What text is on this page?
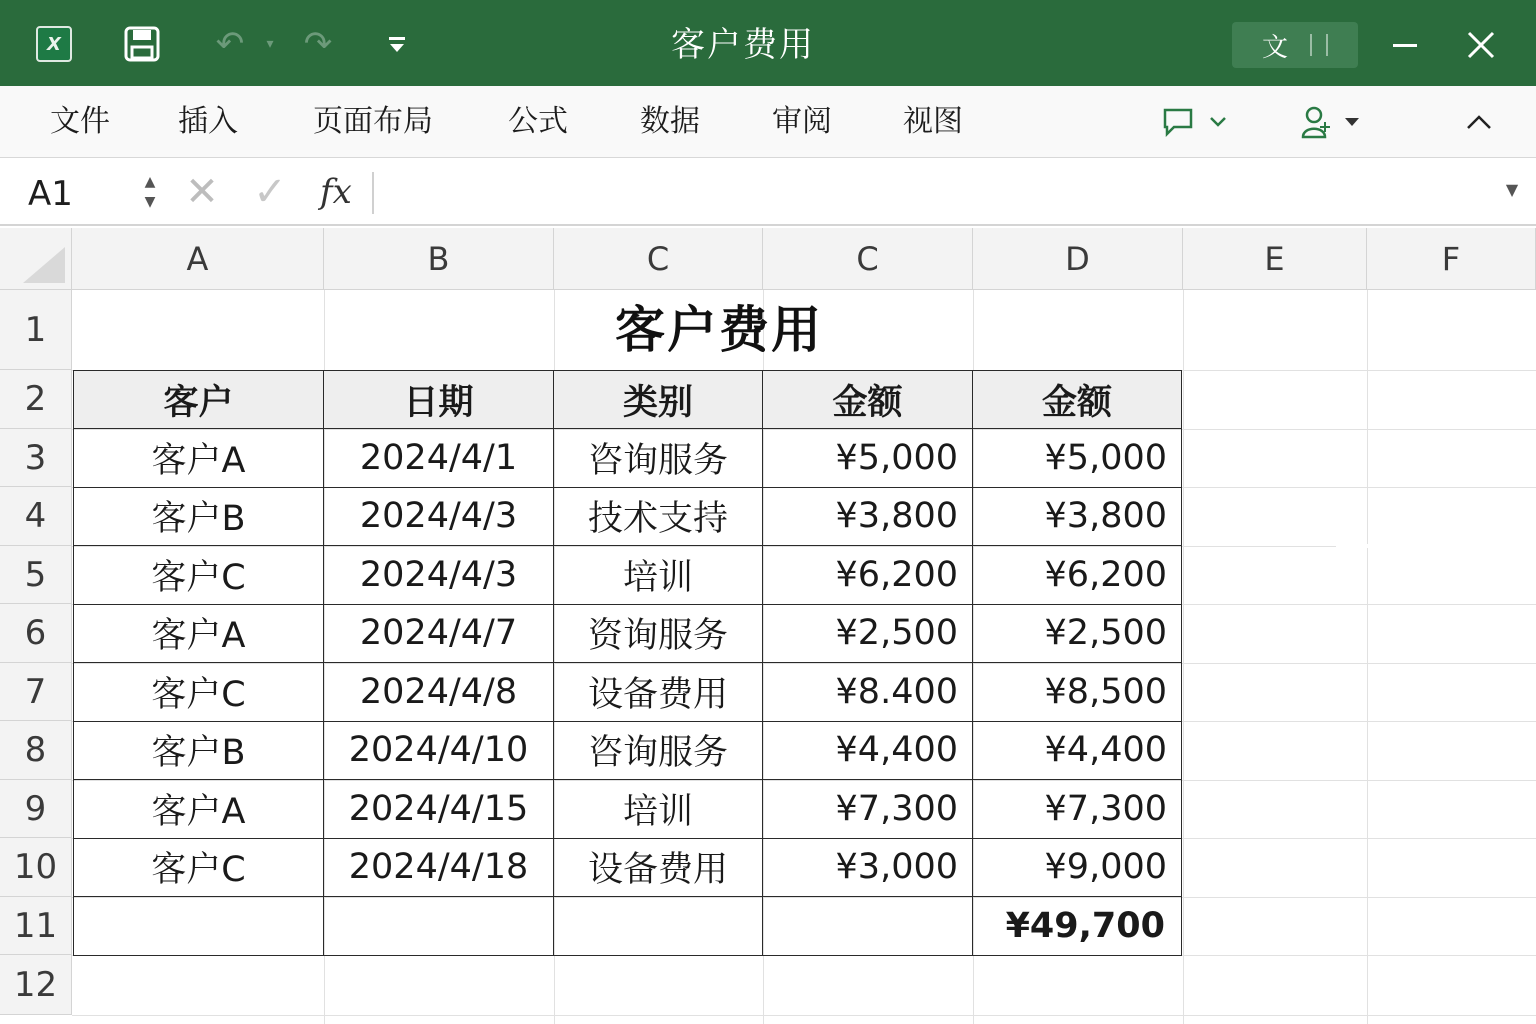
X	↶	▾ ↷	客户费用	文
文件 插入	页面布局	公式 数据 审阅 视图
A1	▲
▼ ✕ ✓ fx	▼
A	B	C	C	D	E	F
1
2
3
4
5
6
7
8
9
10
11
12
客户费用
客户	日期	类别	金额	金额
客户A	2024/4/1	咨询服务	¥5,000	¥5,000
客户B	2024/4/3	技术支持	¥3,800	¥3,800
客户C	2024/4/3	培训	¥6,200	¥6,200
客户A	2024/4/7	资询服务	¥2,500	¥2,500
客户C	2024/4/8	设备费用	¥8.400	¥8,500
客户B	2024/4/10	咨询服务	¥4,400	¥4,400
客户A	2024/4/15	培训	¥7,300	¥7,300
客户C	2024/4/18	设备费用	¥3,000	¥9,000
				¥49,700
